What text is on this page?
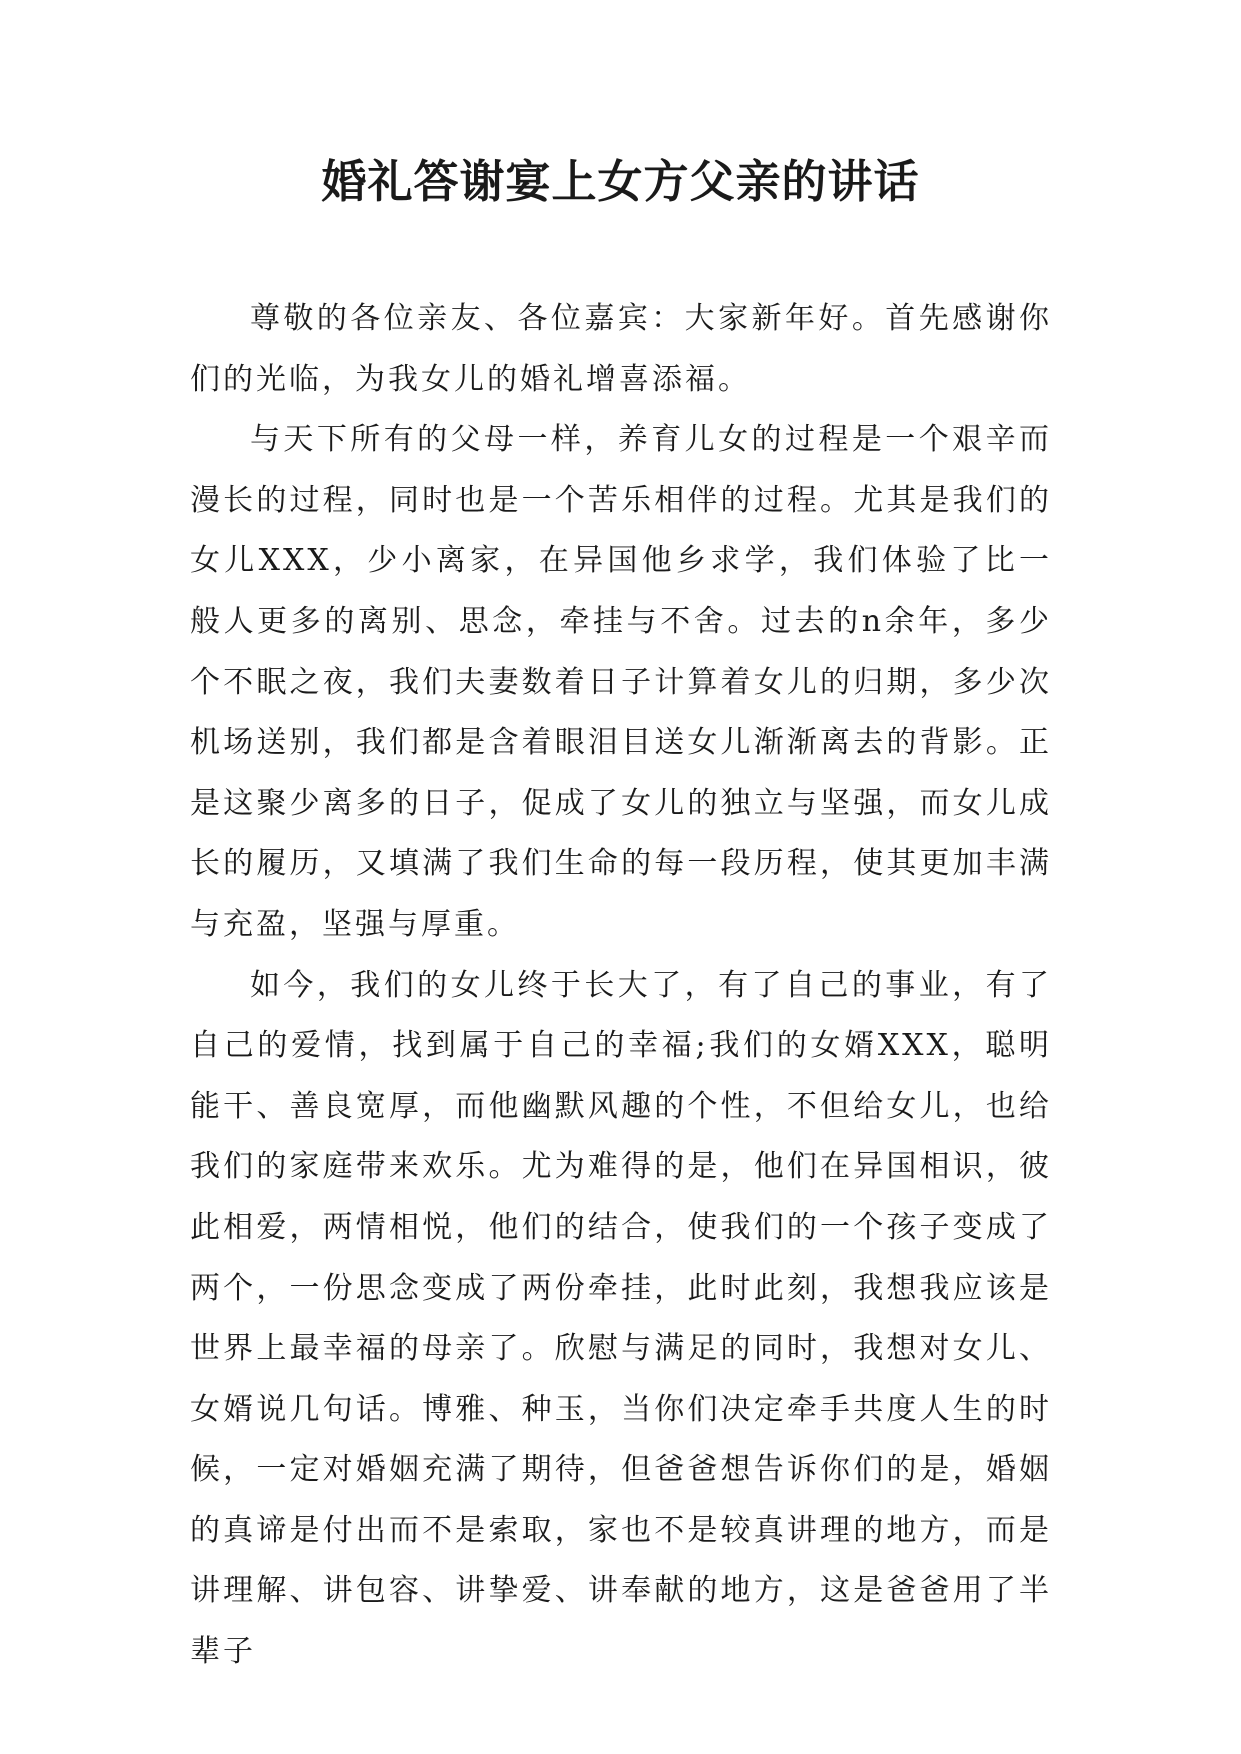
婚礼答谢宴上女方父亲的讲话

尊敬的各位亲友、各位嘉宾：大家新年好。首先感谢你们的光临，为我女儿的婚礼增喜添福。

与天下所有的父母一样，养育儿女的过程是一个艰辛而漫长的过程，同时也是一个苦乐相伴的过程。尤其是我们的女儿XXX，少小离家，在异国他乡求学，我们体验了比一般人更多的离别、思念，牵挂与不舍。过去的n余年，多少个不眠之夜，我们夫妻数着日子计算着女儿的归期，多少次机场送别，我们都是含着眼泪目送女儿渐渐离去的背影。正是这聚少离多的日子，促成了女儿的独立与坚强，而女儿成长的履历，又填满了我们生命的每一段历程，使其更加丰满与充盈，坚强与厚重。

如今，我们的女儿终于长大了，有了自己的事业，有了自己的爱情，找到属于自己的幸福;我们的女婿XXX，聪明能干、善良宽厚，而他幽默风趣的个性，不但给女儿，也给我们的家庭带来欢乐。尤为难得的是，他们在异国相识，彼此相爱，两情相悦，他们的结合，使我们的一个孩子变成了两个，一份思念变成了两份牵挂，此时此刻，我想我应该是世界上最幸福的母亲了。欣慰与满足的同时，我想对女儿、女婿说几句话。博雅、种玉，当你们决定牵手共度人生的时候，一定对婚姻充满了期待，但爸爸想告诉你们的是，婚姻的真谛是付出而不是索取，家也不是较真讲理的地方，而是讲理解、讲包容、讲挚爱、讲奉献的地方，这是爸爸用了半辈子
